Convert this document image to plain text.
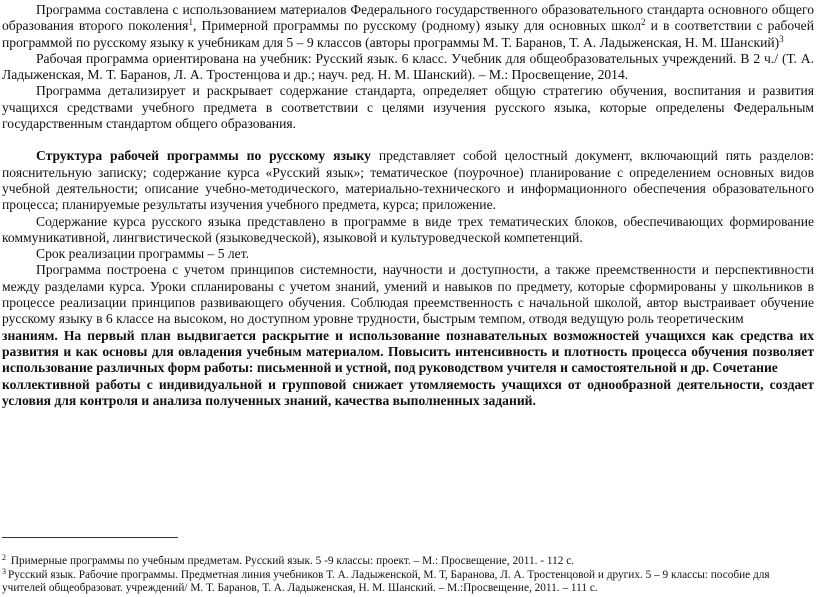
Программа составлена с использованием материалов Федерального государственного образовательного стандарта основного общего образования второго поколения$^1$, Примерной программы по русскому (родному) языку для основных школ$^2$ и в соответствии с рабочей программой по русскому языку к учебникам для 5 – 9 классов (авторы программы М. Т. Баранов, Т. А. Ладыженская, Н. М. Шанский)$^3$

Рабочая программа ориентирована на учебник: Русский язык. 6 класс. Учебник для общеобразовательных учреждений. В 2 ч./ (Т. А. Ладыженская, М. Т. Баранов, Л. А. Тростенцова и др.; науч. ред. Н. М. Шанский). – М.: Просвещение, 2014.

Программа детализирует и раскрывает содержание стандарта, определяет общую стратегию обучения, воспитания и развития учащихся средствами учебного предмета в соответствии с целями изучения русского языка, которые определены Федеральным государственным стандартом общего образования.

Структура рабочей программы по русскому языку представляет собой целостный документ, включающий пять разделов: пояснительную записку; содержание курса «Русский язык»; тематическое (поурочное) планирование с определением основных видов учебной деятельности; описание учебно-методического, материально-технического и информационного обеспечения образовательного процесса; планируемые результаты изучения учебного предмета, курса; приложение.

Содержание курса русского языка представлено в программе в виде трех тематических блоков, обеспечивающих формирование коммуникативной, лингвистической (языковедческой), языковой и культуроведческой компетенций.

Срок реализации программы – 5 лет.

Программа построена с учетом принципов системности, научности и доступности, а также преемственности и перспективности между разделами курса. Уроки спланированы с учетом знаний, умений и навыков по предмету, которые сформированы у школьников в процессе реализации принципов развивающего обучения. Соблюдая преемственность с начальной школой, автор выстраивает обучение русскому языку в 6 классе на высоком, но доступном уровне трудности, быстрым темпом, отводя ведущую роль теоретическим

знаниям. На первый план выдвигается раскрытие и использование познавательных возможностей учащихся как средства их развития и как основы для овладения учебным материалом. Повысить интенсивность и плотность процесса обучения позволяет использование различных форм работы: письменной и устной, под руководством учителя и самостоятельной и др. Сочетание

коллективной работы с индивидуальной и групповой снижает утомляемость учащихся от однообразной деятельности, создает условия для контроля и анализа полученных знаний, качества выполненных заданий.

$^2$ Примерные программы по учебным предметам. Русский язык. 5 -9 классы: проект. – М.: Просвещение, 2011. - 112 с.

$^3$ Русский язык. Рабочие программы. Предметная линия учебников Т. А. Ладыженской, М. Т, Баранова, Л. А. Тростенцовой и других. 5 – 9 классы: пособие для учителей общеобразоват. учреждений/ М. Т. Баранов, Т. А. Ладыженская, Н. М. Шанский. – М.:Просвещение, 2011. – 111 с.
